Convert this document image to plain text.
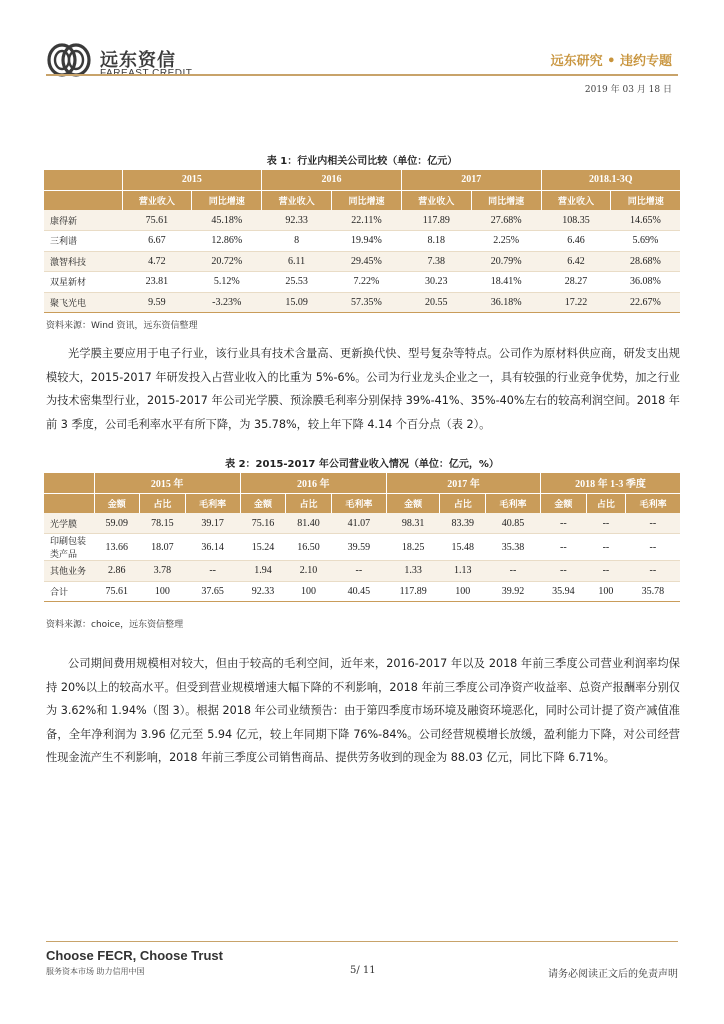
远东资信	远东研究 • 违约专题
2019 年 03 月 18 日
表 1：行业内相关公司比较（单位：亿元）
	2015		2016		2017		2018.1-3Q	
	营业收入	同比增速	营业收入	同比增速	营业收入	同比增速	营业收入	同比增速
康得新	75.61	45.18%	92.33	22.11%	117.89	27.68%	108.35	14.65%
三利谱	6.67	12.86%	8	19.94%	8.18	2.25%	6.46	5.69%
激智科技	4.72	20.72%	6.11	29.45%	7.38	20.79%	6.42	28.68%
双星新材	23.81	5.12%	25.53	7.22%	30.23	18.41%	28.27	36.08%
聚飞光电	9.59	-3.23%	15.09	57.35%	20.55	36.18%	17.22	22.67%
资料来源：Wind 资讯，远东资信整理
光学膜主要应用于电子行业，该行业具有技术含量高、更新换代快、型号复杂等特点。公司作为原材料供应商，研发支出规模较大，2015-2017 年研发投入占营业收入的比重为 5%-6%。公司为行业龙头企业之一，具有较强的行业竞争优势，加之行业为技术密集型行业，2015-2017 年公司光学膜、预涂膜毛利率分别保持 39%-41%、35%-40%左右的较高利润空间。2018 年前 3 季度，公司毛利率水平有所下降，为 35.78%，较上年下降 4.14 个百分点（表 2）。
表 2：2015-2017 年公司营业收入情况（单位：亿元，%）
	2015 年			2016 年			2017 年			2018 年 1-3 季度		
	金额	占比	毛利率	金额	占比	毛利率	金额	占比	毛利率	金额	占比	毛利率
光学膜	59.09	78.15	39.17	75.16	81.40	41.07	98.31	83.39	40.85	--	--	--
印刷包装类产品	13.66	18.07	36.14	15.24	16.50	39.59	18.25	15.48	35.38	--	--	--
其他业务	2.86	3.78	--	1.94	2.10	--	1.33	1.13	--	--	--	--
合计	75.61	100	37.65	92.33	100	40.45	117.89	100	39.92	35.94	100	35.78
资料来源：choice，远东资信整理
公司期间费用规模相对较大，但由于较高的毛利空间，近年来，2016-2017 年以及 2018 年前三季度公司营业利润率均保持 20%以上的较高水平。但受到营业规模增速大幅下降的不利影响，2018 年前三季度公司净资产收益率、总资产报酬率分别仅为 3.62%和 1.94%（图 3）。根据 2018 年公司业绩预告：由于第四季度市场环境及融资环境恶化，同时公司计提了资产减值准备，全年净利润为 3.96 亿元至 5.94 亿元，较上年同期下降 76%-84%。公司经营规模增长放缓，盈利能力下降，对公司经营性现金流产生不利影响，2018 年前三季度公司销售商品、提供劳务收到的现金为 88.03 亿元，同比下降 6.71%。
Choose FECR, Choose Trust
服务资本市场 助力信用中国	5/ 11	请务必阅读正文后的免责声明
